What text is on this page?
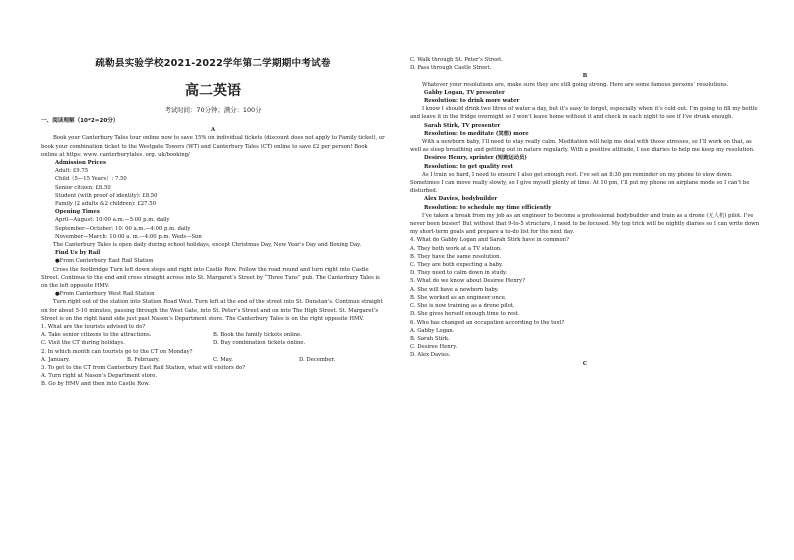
疏勒县实验学校2021-2022学年第二学期期中考试卷
高二英语
考试时间：70分钟；满分：100分
一、阅读理解（10*2=20分）
A

Book your Canterbury Tales tour online now to save 15% on individual tickets (discount does not apply to Family ticket), or book your combination ticket to the Westgate Towers (WT) and Canterbury Tales (CT) online to save £2 per person! Book online at https: www. canterburytales. org. uk/booking/

Admission Prices
Adult: £9.75
Child（5—15 Years）: 7.50
Senior citizen: £8.50
Student (with proof of identity): £8.50
Family (2 adults &2 children): £27.50
Opening Times
April—August: 10:00 a.m.—5:00 p.m. daily
September—October: 10: 00 a.m.—4:00 p.m. daily
November—March: 10:00 a. m.—4:00 p.m. Weds—Sun

The Canterbury Tales is open daily during school holidays, except Christmas Day, New Year’s Day and Boxing Day.

Find Us by Rail
●From Canterbury East Rail Station

Cross the footbridge Turn left down steps and right into Castle Row. Follow the road round and turn right into Castle Street. Continue to the end and cross straight across into St. Margaret’s Street by “Three Tuns” pub. The Canterbury Tales is on the left opposite HMV.

●From Canterbury West Rail Station

Turn right out of the station into Station Road West. Turn left at the end of the street into St. Dunstan’s. Continue straight on for about 5-10 minutes, passing through the West Gate, into St. Peter’s Street and on into The High Street. St. Margaret’s Street is on the right hand side just past Nason’s Department store. The Canterbury Tales is on the right opposite HMV.

1. What are the tourists advised to do?
A. Take senior citizens to the attractions.	B. Book the family tickets online.
C. Visit the CT during holidays.	D. Buy combination tickets online.
2. In which month can tourists go to the CT on Monday?
A. January.	B. February.	C. May.	D. December.
3. To get to the CT from Canterbury East Rail Station, what will visitors do?
A. Turn right at Nason’s Department store.
B. Go by HMV and then into Castle Row.
C. Walk through St. Peter’s Street.
D. Pass through Castle Street.
B

Whatever your resolutions are, make sure they are still going strong. Here are some famous persons’ resolutions.

Gabby Logan, TV presenter
Resolution: to drink more water

I know I should drink two litres of water a day, but it’s easy to forget, especially when it’s cold out. I’m going to fill my bottle and leave it in the fridge overnight so I won’t leave home without it and check in each night to see if I’ve drunk enough.

Sarah Stirk, TV presenter
Resolution: to meditate (冥想) more

With a newborn baby, I’ll need to stay really calm. Meditation will help me deal with those stresses, so I’ll work on that, as well as sleep breathing and getting out in nature regularly. With a positive attitude, I use diaries to help me keep my resolution.

Desiree Henry, sprinter (短跑运动员)
Resolution: to get quality rest

As I train so hard, I need to ensure I also get enough rest. I’ve set an 8:30 pm reminder on my phone to slow down. Sometimes I can move really slowly, so I give myself plenty of time. At 10 pm, I’ll put my phone on airplane mode so I can’t be disturbed.

Alex Davies, bodybuilder
Resolution: to schedule my time efficiently

I’ve taken a break from my job as an engineer to become a professional bodybuilder and train as a drone (无人机) pilot. I’ve never been busier! But without that 9-to-5 structure, I need to be focused. My top trick will be nightly diaries so I can write down my short-term goals and prepare a to-do list for the next day.

4. What do Gabby Logan and Sarah Stirk have in common?
A. They both work at a TV station.
B. They have the same resolution.
C. They are both expecting a baby.
D. They need to calm down in study.
5. What do we know about Desiree Henry?
A. She will have a newborn baby.
B. She worked as an engineer once.
C. She is now training as a drone pilot.
D. She gives herself enough time to rest.
6. Who has changed an occupation according to the text?
A. Gabby Logan.
B. Sarah Stirk.
C. Desiree Henry.
D. Alex Davies.
C
